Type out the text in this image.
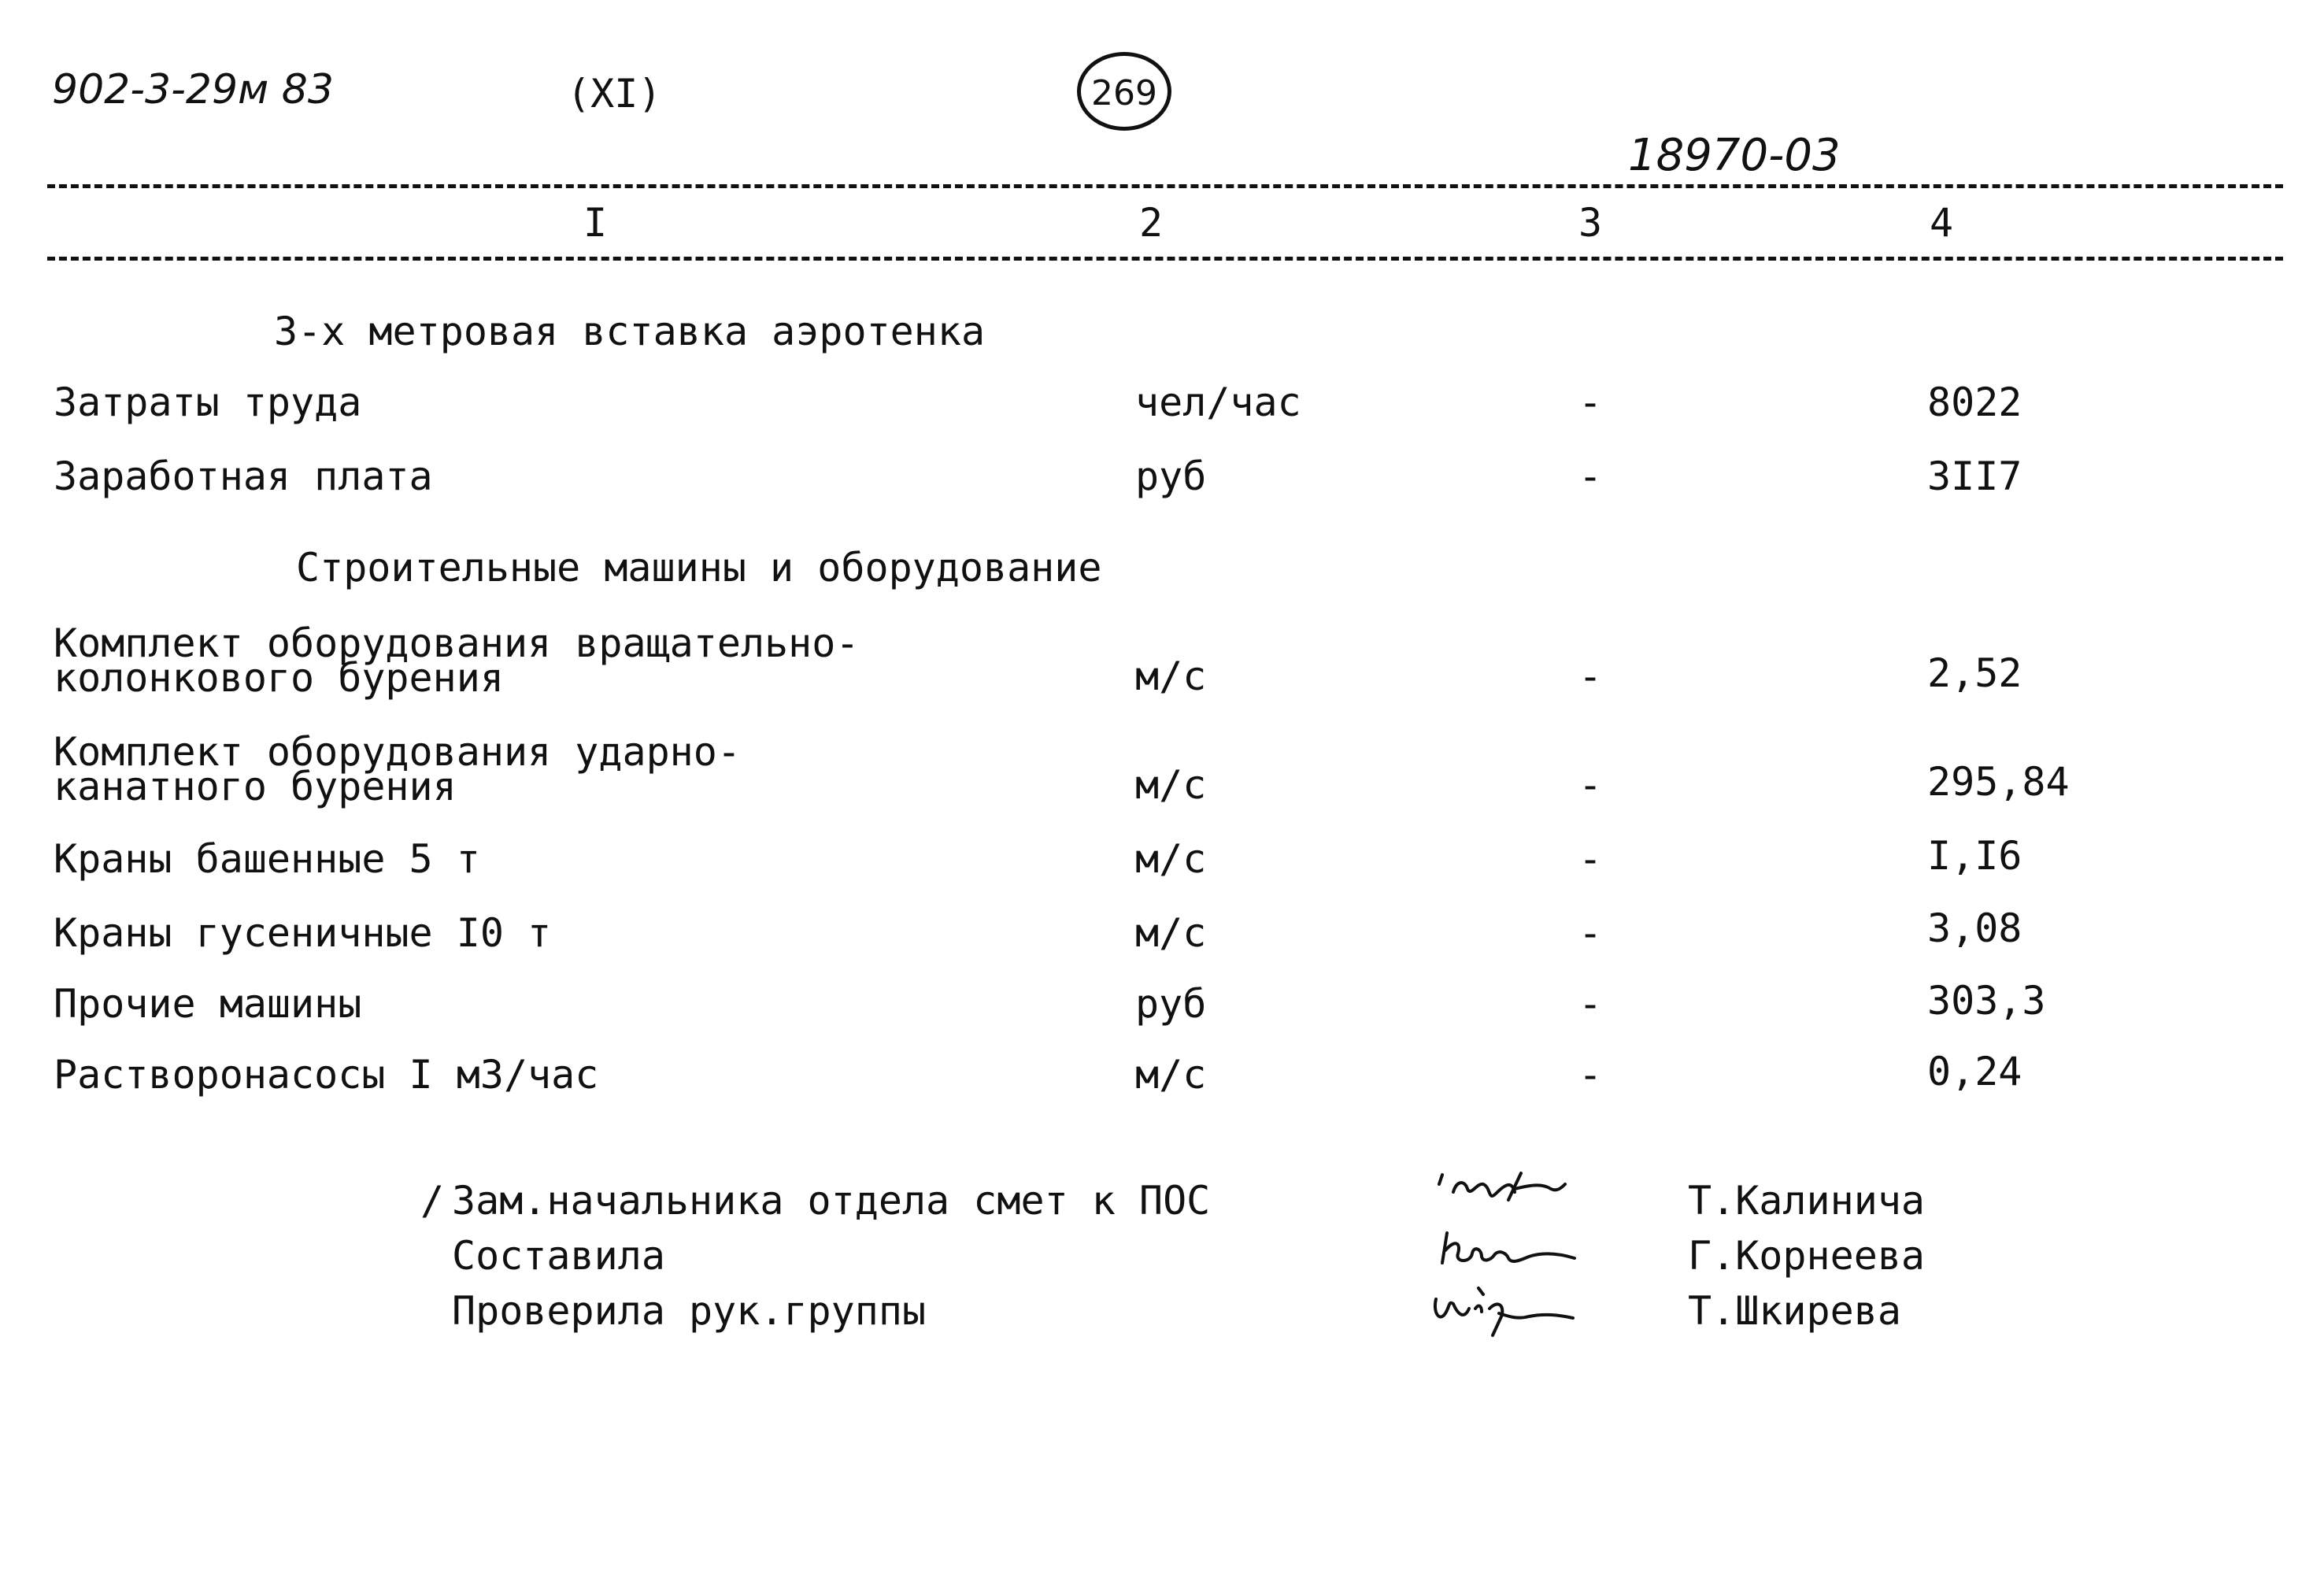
902-3-29м 83	(XI)	269
18970-03
I	2	3	4
3-х метровая вставка аэротенка
Затраты труда	чел/час	-	8022
Заработная плата	руб	-	3II7
Строительные машины и оборудование
Комплект оборудования вращательно-
колонкового бурения	м/с	-	2,52
Комплект оборудования ударно-
канатного бурения	м/с	-	295,84
Краны башенные 5 т	м/с	-	I,I6
Краны гусеничные I0 т	м/с	-	3,08
Прочие машины	руб	-	303,3
Растворонасосы I м3/час	м/с	-	0,24
/ Зам.начальника отдела смет к ПОС	Т.Калинича
Составила	Г.Корнеева
Проверила рук.группы	Т.Шкирева
